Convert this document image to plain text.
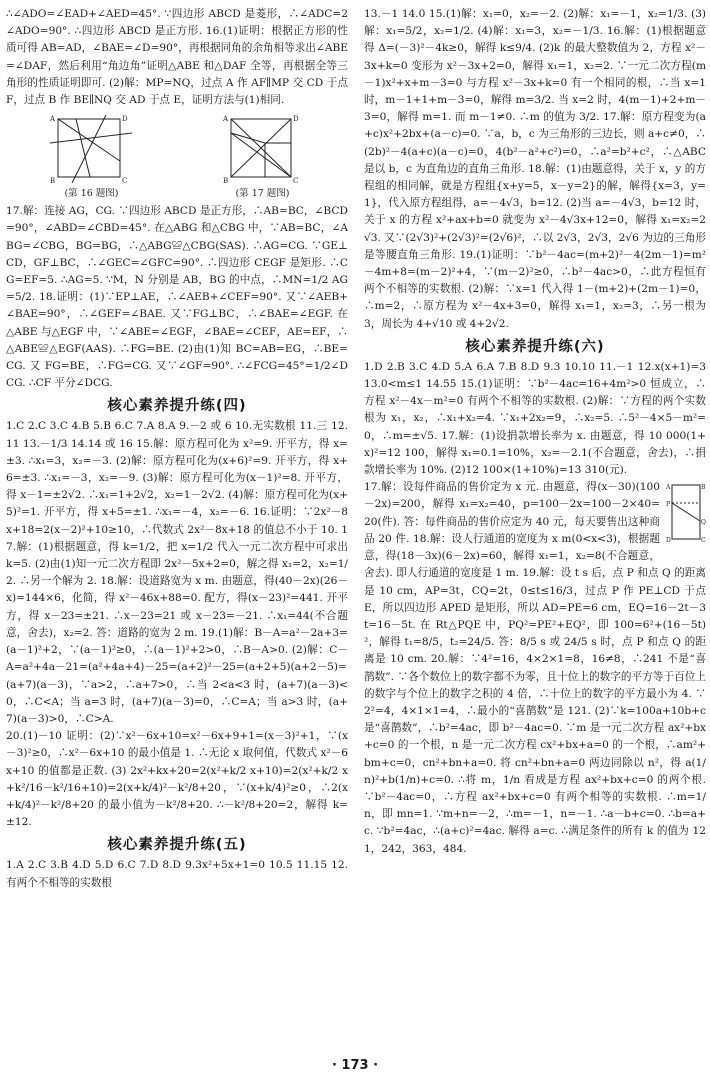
∴∠ADO=∠EAD+∠AED=45°. ∵四边形 ABCD 是菱形，∴∠ADC=2∠ADO=90°. ∴四边形 ABCD 是正方形. 16.(1)证明：根据正方形的性质可得 AB=AD，∠BAE=∠D=90°，再根据同角的余角相等求出∠ABE=∠DAF，然后利用“角边角”证明△ABE 和△DAF 全等，再根据全等三角形的性质证明即可. (2)解：MP=NQ，过点 A 作 AF∥MP 交 CD 于点 F，过点 B 作 BE∥NQ 交 AD 于点 E，证明方法与(1)相同.

A	D
B	C
(第 16 题图)
A	D
B	C
(第 17 题图)

17.解：连接 AG，CG. ∵四边形 ABCD 是正方形，∴AB=BC，∠BCD=90°，∠ABD=∠CBD=45°. 在△ABG 和△CBG 中，∵AB=BC，∠ABG=∠CBG，BG=BG，∴△ABG≌△CBG(SAS). ∴AG=CG. ∵GE⊥CD，GF⊥BC，∴∠GEC=∠GFC=90°. ∴四边形 CEGF 是矩形. ∴CG=EF=5. ∴AG=5. ∵M，N 分别是 AB，BG 的中点，∴MN=1/2 AG=5/2. 18.证明：(1)∵EP⊥AE，∴∠AEB+∠CEF=90°. 又∵∠AEB+∠BAE=90°，∴∠GEF=∠BAE. 又∵FG⊥BC，∴∠BAE=∠EGF. 在△ABE 与△EGF 中，∵∠ABE=∠EGF，∠BAE=∠CEF，AE=EF，∴△ABE≌△EGF(AAS). ∴FG=BE. (2)由(1)知 BC=AB=EG，∴BE=CG. 又 FG=BE，∴FG=CG. 又∵∠GF=90°. ∴∠FCG=45°=1/2∠DCG. ∴CF 平分∠DCG.

核心素养提升练(四)

1.C 2.C 3.C 4.B 5.B 6.C 7.A 8.A 9.－2 或 6 10.无实数根 11.三 12.11 13.－1/3 14.14 或 16 15.解：原方程可化为 x²=9. 开平方，得 x=±3. ∴x₁=3，x₂=－3. (2)解：原方程可化为(x+6)²=9. 开平方，得 x+6=±3. ∴x₁=－3，x₂=－9. (3)解：原方程可化为(x－1)²=8. 开平方，得 x－1=±2√2. ∴x₁=1+2√2，x₂=1－2√2. (4)解：原方程可化为(x+5)²=1. 开平方，得 x+5=±1. ∴x₁=－4，x₂=－6. 16.证明：∵2x²－8x+18=2(x－2)²+10≥10，∴代数式 2x²－8x+18 的值总不小于 10. 17.解：(1)根据题意，得 k=1/2，把 x=1/2 代入一元二次方程中可求出 k=5. (2)由(1)知一元二次方程即 2x²－5x+2=0，解之得 x₁=2，x₂=1/2. ∴另一个解为 2. 18.解：设道路宽为 x m. 由题意，得(40－2x)(26－x)=144×6，化简，得 x²－46x+88=0. 配方，得(x－23)²=441. 开平方，得 x－23=±21. ∴x－23=21 或 x－23=－21. ∴x₁=44(不合题意，舍去)，x₂=2. 答：道路的宽为 2 m. 19.(1)解：B－A=a²－2a+3=(a－1)²+2，∵(a－1)²≥0，∴(a－1)²+2>0，∴B－A>0. (2)解：C－A=a²+4a－21=(a²+4a+4)－25=(a+2)²－25=(a+2+5)(a+2－5)=(a+7)(a－3)，∵a>2，∴a+7>0，∴当 2<a<3 时，(a+7)(a－3)<0，∴C<A；当 a=3 时，(a+7)(a－3)=0，∴C=A；当 a>3 时，(a+7)(a－3)>0，∴C>A.

20.(1)－10 证明：(2)∵x²－6x+10=x²－6x+9+1=(x－3)²+1，∵(x－3)²≥0，∴x²－6x+10 的最小值是 1. ∴无论 x 取何值，代数式 x²－6x+10 的值都是正数. (3) 2x²+kx+20=2(x²+k/2 x+10)=2(x²+k/2 x+k²/16－k²/16+10)=2(x+k/4)²－k²/8+20，∵(x+k/4)²≥0，∴2(x+k/4)²－k²/8+20 的最小值为－k²/8+20. ∴－k²/8+20=2，解得 k=±12.

核心素养提升练(五)

1.A 2.C 3.B 4.D 5.D 6.C 7.D 8.D 9.3x²+5x+1=0 10.5 11.15 12.有两个不相等的实数根

13.－1 14.0 15.(1)解：x₁=0，x₂=－2. (2)解：x₁=－1，x₂=1/3. (3)解：x₁=5/2，x₂=1/2. (4)解：x₁=3，x₂=－1/3. 16.解：(1)根据题意得 Δ=(－3)²－4k≥0，解得 k≤9/4. (2)k 的最大整数值为 2，方程 x²－3x+k=0 变形为 x²－3x+2=0，解得 x₁=1，x₂=2. ∵一元二次方程(m－1)x²+x+m－3=0 与方程 x²－3x+k=0 有一个相同的根，∴当 x=1 时，m－1+1+m－3=0，解得 m=3/2. 当 x=2 时，4(m－1)+2+m－3=0，解得 m=1. 而 m－1≠0. ∴m 的值为 3/2. 17.解：原方程变为(a+c)x²+2bx+(a－c)=0. ∵a，b，c 为三角形的三边长，则 a+c≠0，∴(2b)²－4(a+c)(a－c)=0，4(b²－a²+c²)=0，∴a²=b²+c²，∴△ABC 是以 b，c 为直角边的直角三角形. 18.解：(1)由题意得，关于 x，y 的方程组的相同解，就是方程组{x+y=5，x－y=2}的解，解得{x=3，y=1}，代入原方程组得，a=－4√3，b=12. (2)当 a=－4√3，b=12 时，关于 x 的方程 x²+ax+b=0 就变为 x²－4√3x+12=0，解得 x₁=x₂=2√3. 又∵(2√3)²+(2√3)²=(2√6)²，∴以 2√3，2√3，2√6 为边的三角形是等腰直角三角形. 19.(1)证明：∵b²－4ac=(m+2)²－4(2m－1)=m²－4m+8=(m－2)²+4，∵(m－2)²≥0，∴b²－4ac>0，∴此方程恒有两个不相等的实数根. (2)解：∵x=1 代入得 1－(m+2)+(2m－1)=0，∴m=2，∴原方程为 x²－4x+3=0，解得 x₁=1，x₂=3，∴另一根为 3，周长为 4+√10 或 4+2√2.

核心素养提升练(六)

1.D 2.B 3.C 4.D 5.A 6.A 7.B 8.D 9.3 10.10 11.－1 12.x(x+1)=3 13.0<m≤1 14.55 15.(1)证明：∵b²－4ac=16+4m²>0 恒成立，∴方程 x²－4x－m²=0 有两个不相等的实数根. (2)解：∵方程的两个实数根为 x₁，x₂，∴x₁+x₂=4. ∵x₁+2x₂=9，∴x₂=5. ∴5²－4×5－m²=0，∴m=±√5. 17.解：(1)设捐款增长率为 x. 由题意，得 10 000(1+x)²=12 100，解得 x₁=0.1=10%，x₂=－2.1(不合题意，舍去)，∴捐款增长率为 10%. (2)12 100×(1+10%)=13 310(元).

A	B
D	C
P
Q

17.解：设每件商品的售价定为 x 元. 由题意，得(x－30)(100－2x)=200，解得 x₁=x₂=40，p=100－2x=100－2×40=20(件). 答：每件商品的售价应定为 40 元，每天要售出这种商品 20 件. 18.解：设人行通道的宽度为 x m(0<x<3)，根据题意，得(18－3x)(6－2x)=60，解得 x₁=1，x₂=8(不合题意，舍去). 即人行通道的宽度是 1 m. 19.解：设 t s 后，点 P 和点 Q 的距离是 10 cm，AP=3t，CQ=2t，0≤t≤16/3，过点 P 作 PE⊥CD 于点 E，所以四边形 APED 是矩形，所以 AD=PE=6 cm，EQ=16－2t－3t=16－5t. 在 Rt△PQE 中，PQ²=PE²+EQ²，即 100=6²+(16－5t)²，解得 t₁=8/5，t₂=24/5. 答：8/5 s 或 24/5 s 时，点 P 和点 Q 的距离是 10 cm. 20.解：∵4²=16，4×2×1=8，16≠8，∴241 不是“喜鹊数”. ∵各个数位上的数字都不为零，且十位上的数字的平方等于百位上的数字与个位上的数字之积的 4 倍，∴十位上的数字的平方最小为 4. ∵2²=4，4×1×1=4，∴最小的“喜鹊数”是 121. (2)∵k=100a+10b+c 是“喜鹊数”，∴b²=4ac，即 b²－4ac=0. ∵m 是一元二次方程 ax²+bx+c=0 的一个根，n 是一元二次方程 cx²+bx+a=0 的一个根，∴am²+bm+c=0，cn²+bn+a=0. 将 cn²+bn+a=0 两边同除以 n²，得 a(1/n)²+b(1/n)+c=0. ∴将 m，1/n 看成是方程 ax²+bx+c=0 的两个根. ∵b²－4ac=0，∴方程 ax²+bx+c=0 有两个相等的实数根. ∴m=1/n，即 mn=1. ∵m+n=－2，∴m=－1，n=－1. ∴a－b+c=0. ∴b=a+c. ∵b²=4ac，∴(a+c)²=4ac. 解得 a=c. ∴满足条件的所有 k 的值为 121，242，363，484.

· 173 ·
